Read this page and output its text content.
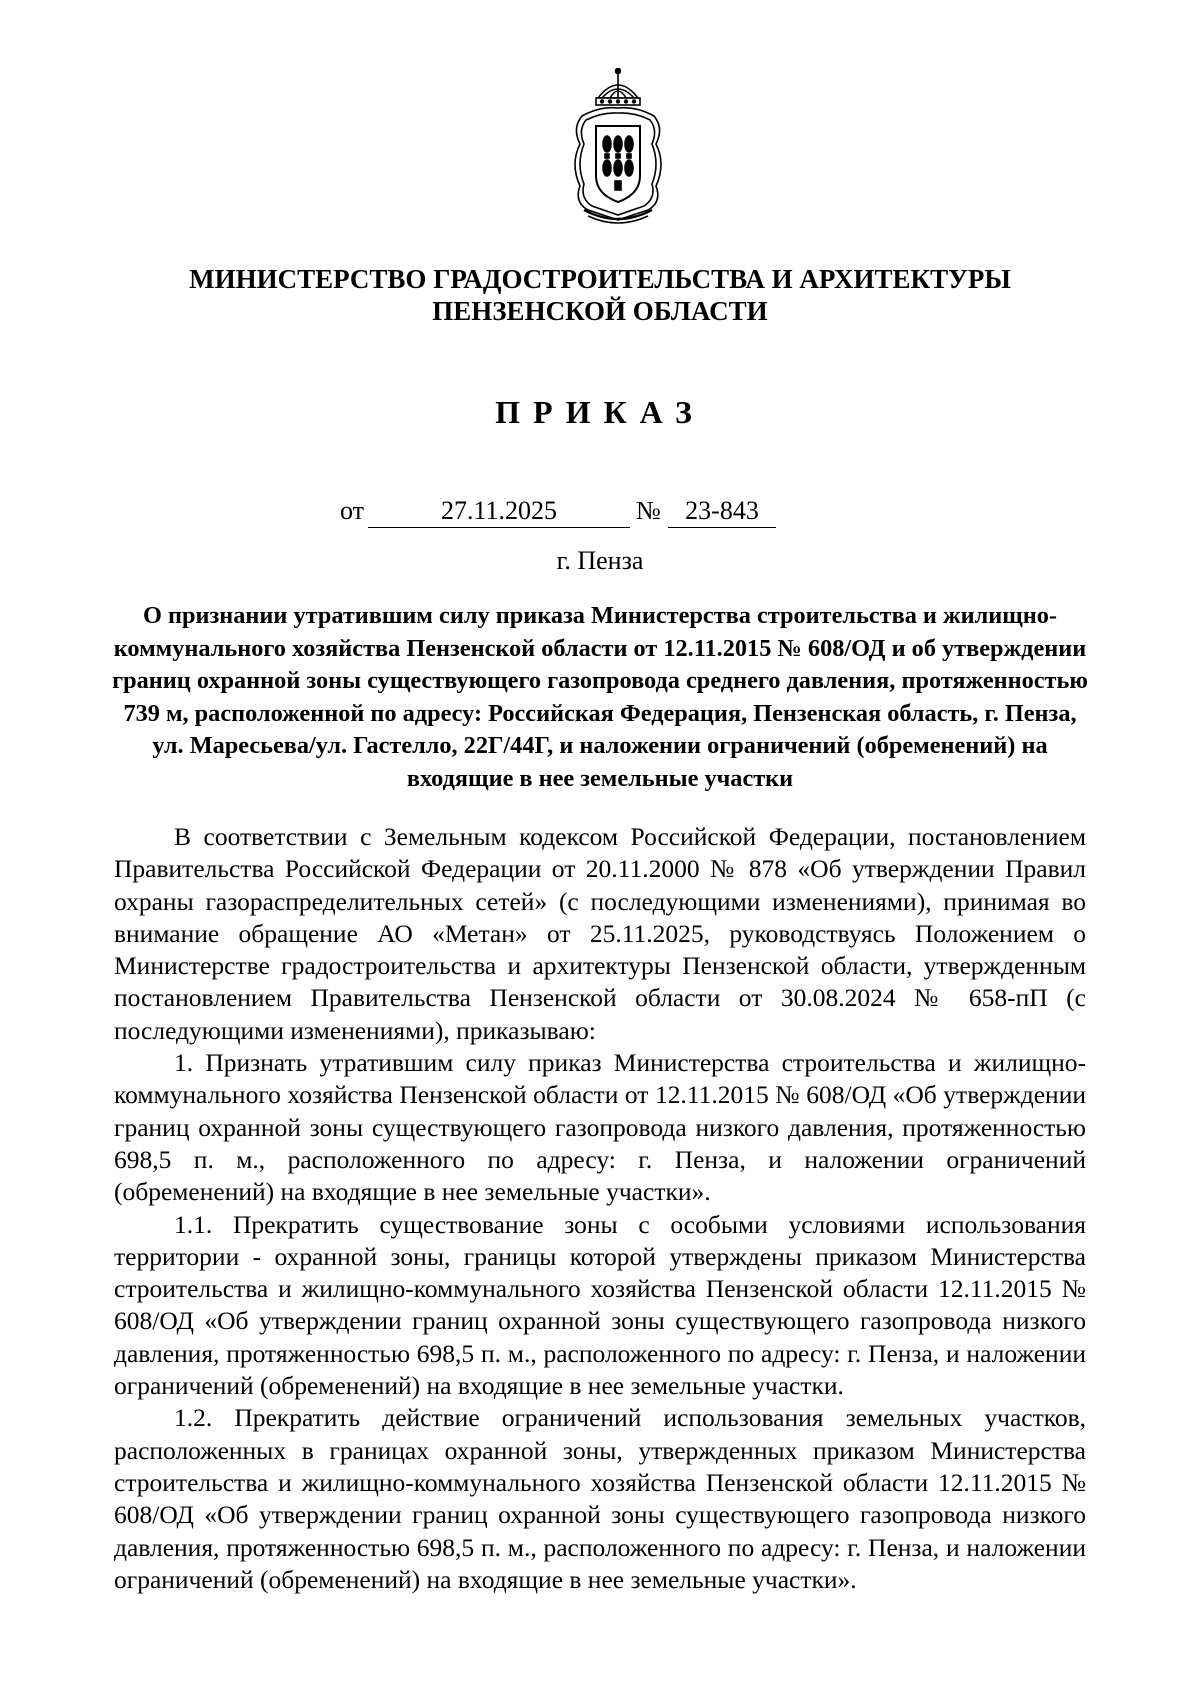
МИНИСТЕРСТВО ГРАДОСТРОИТЕЛЬСТВА И АРХИТЕКТУРЫ
ПЕНЗЕНСКОЙ ОБЛАСТИ
ПРИКАЗ
от	27.11.2025	№ 23-843
г. Пенза
О признании утратившим силу приказа Министерства строительства и жилищно-коммунального хозяйства Пензенской области от 12.11.2015 № 608/ОД и об утверждении границ охранной зоны существующего газопровода среднего давления, протяженностью 739 м, расположенной по адресу: Российская Федерация, Пензенская область, г. Пенза, ул. Маресьева/ул. Гастелло, 22Г/44Г, и наложении ограничений (обременений) на входящие в нее земельные участки

В соответствии с Земельным кодексом Российской Федерации, постановлением Правительства Российской Федерации от 20.11.2000 № 878 «Об утверждении Правил охраны газораспределительных сетей» (с последующими изменениями), принимая во внимание обращение АО «Метан» от 25.11.2025, руководствуясь Положением о Министерстве градостроительства и архитектуры Пензенской области, утвержденным постановлением Правительства Пензенской области от 30.08.2024 № 658-пП (с последующими изменениями), приказываю:

1. Признать утратившим силу приказ Министерства строительства и жилищно-коммунального хозяйства Пензенской области от 12.11.2015 № 608/ОД «Об утверждении границ охранной зоны существующего газопровода низкого давления, протяженностью 698,5 п. м., расположенного по адресу: г. Пенза, и наложении ограничений (обременений) на входящие в нее земельные участки».

1.1. Прекратить существование зоны с особыми условиями использования территории - охранной зоны, границы которой утверждены приказом Министерства строительства и жилищно-коммунального хозяйства Пензенской области 12.11.2015 № 608/ОД «Об утверждении границ охранной зоны существующего газопровода низкого давления, протяженностью 698,5 п. м., расположенного по адресу: г. Пенза, и наложении ограничений (обременений) на входящие в нее земельные участки.

1.2. Прекратить действие ограничений использования земельных участков, расположенных в границах охранной зоны, утвержденных приказом Министерства строительства и жилищно-коммунального хозяйства Пензенской области 12.11.2015 № 608/ОД «Об утверждении границ охранной зоны существующего газопровода низкого давления, протяженностью 698,5 п. м., расположенного по адресу: г. Пенза, и наложении ограничений (обременений) на входящие в нее земельные участки».
